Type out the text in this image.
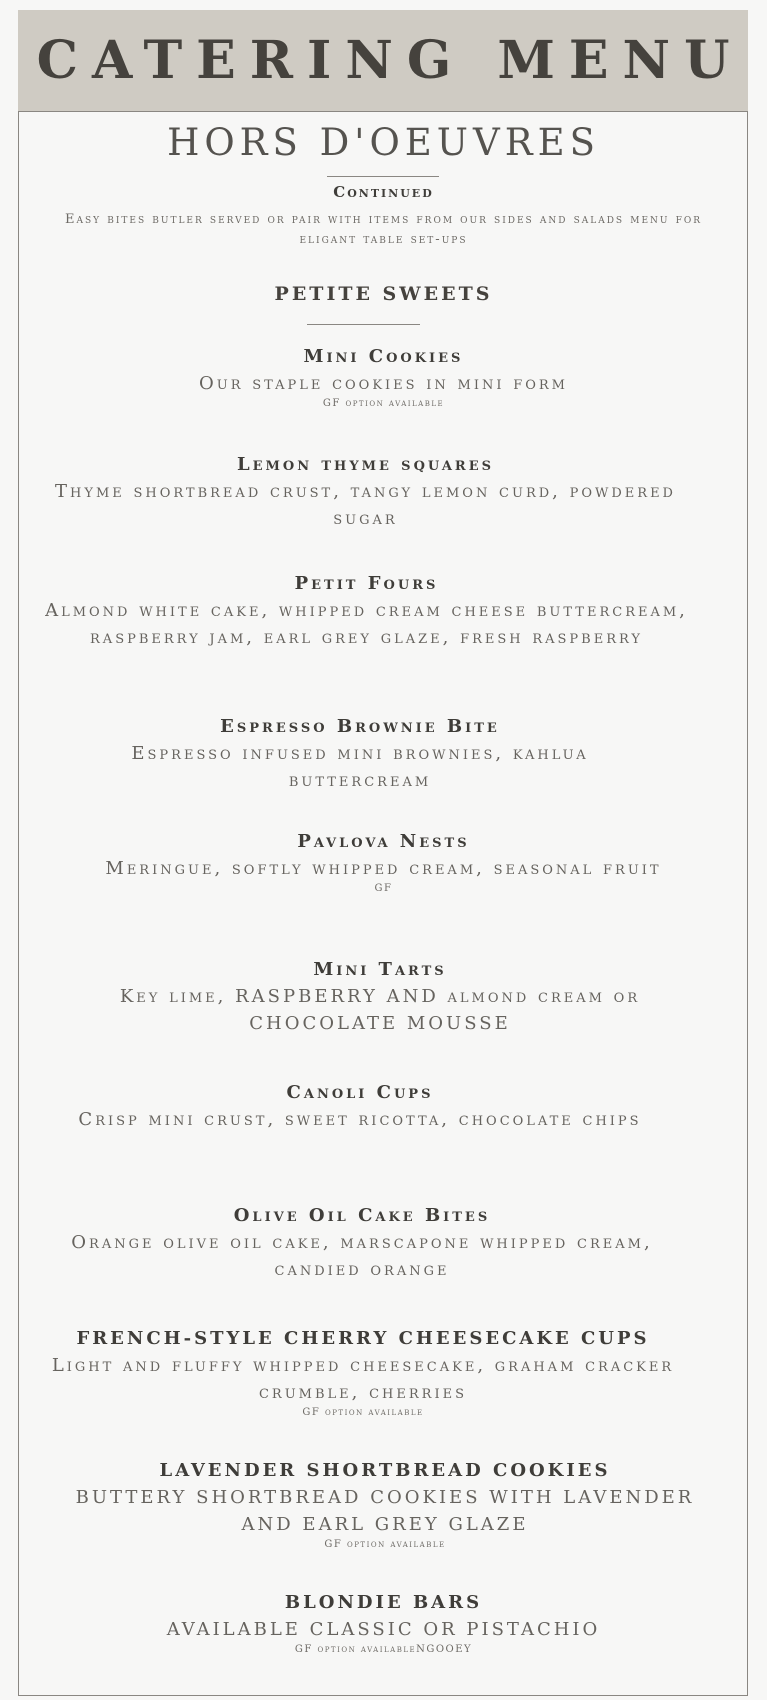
CATERING MENU
HORS D'OEUVRES
Continued
Easy bites butler served or pair with items from our sides and salads menu for eligant table set-ups
PETITE SWEETS
Mini Cookies
Our staple cookies in mini form
GF option available
Lemon thyme squares
Thyme shortbread crust, tangy lemon curd, powdered sugar
Petit Fours
Almond white cake, whipped cream cheese buttercream, raspberry jam, earl grey glaze, fresh raspberry
Espresso Brownie Bite
Espresso infused mini brownies, kahlua buttercream
Pavlova Nests
Meringue, softly whipped cream, seasonal fruit
GF
Mini Tarts
Key lime, RASPBERRY AND almond cream or CHOCOLATE MOUSSE
Canoli Cups
Crisp mini crust, sweet ricotta, chocolate chips
Olive Oil Cake Bites
Orange olive oil cake, marscapone whipped cream, candied orange
FRENCH-STYLE CHERRY CHEESECAKE CUPS
Light and fluffy whipped cheesecake, graham cracker crumble, cherries
GF option available
LAVENDER SHORTBREAD COOKIES
BUTTERY SHORTBREAD COOKIES WITH LAVENDER AND EARL GREY GLAZE
GF option available
BLONDIE BARS
AVAILABLE CLASSIC OR PISTACHIO
GF option availableNGOOEY
